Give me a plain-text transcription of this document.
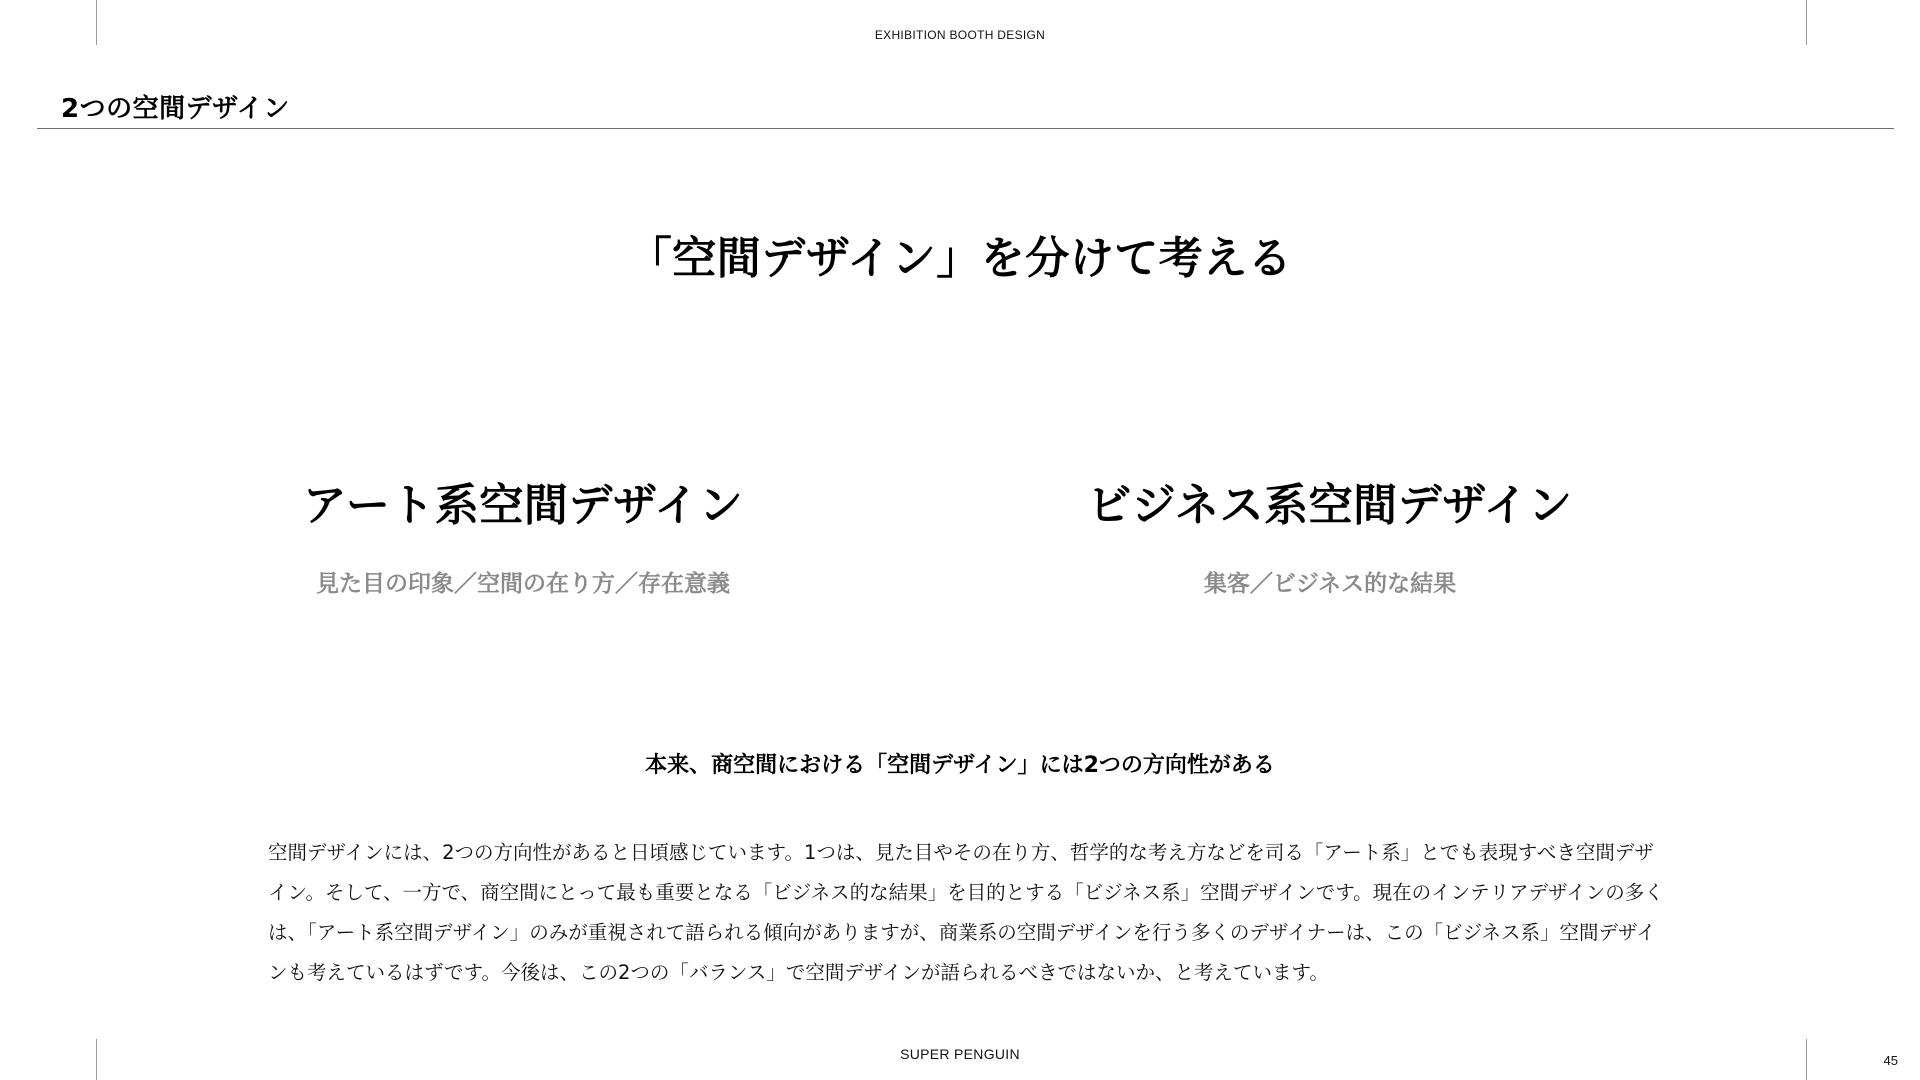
EXHIBITION BOOTH DESIGN
2つの空間デザイン
「空間デザイン」を分けて考える
アート系空間デザイン
見た目の印象／空間の在り方／存在意義
ビジネス系空間デザイン
集客／ビジネス的な結果
本来、商空間における「空間デザイン」には2つの方向性がある
空間デザインには、2つの方向性があると日頃感じています。1つは、見た目やその在り方、哲学的な考え方などを司る「アート系」とでも表現すべき空間デザイン。そして、一方で、商空間にとって最も重要となる「ビジネス的な結果」を目的とする「ビジネス系」空間デザインです。現在のインテリアデザインの多くは、「アート系空間デザイン」のみが重視されて語られる傾向がありますが、商業系の空間デザインを行う多くのデザイナーは、この「ビジネス系」空間デザインも考えているはずです。今後は、この2つの「バランス」で空間デザインが語られるべきではないか、と考えています。
SUPER PENGUIN	45
